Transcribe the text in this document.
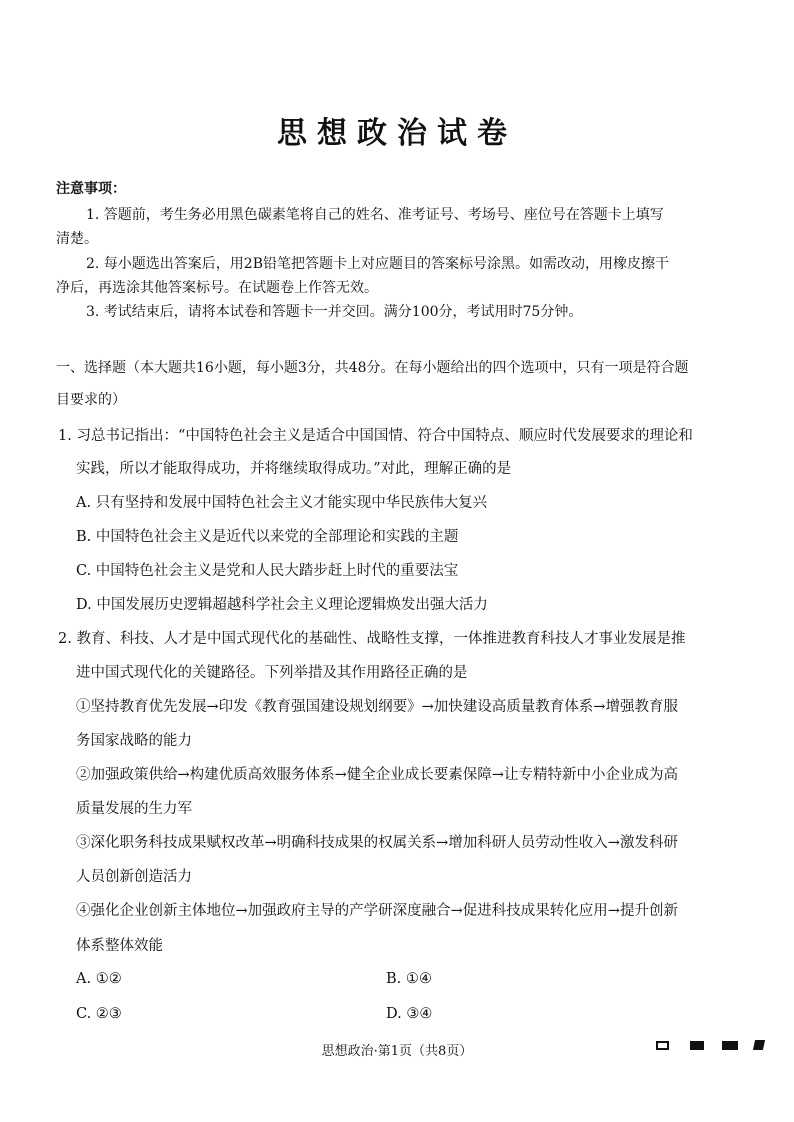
思想政治试卷
注意事项：
1. 答题前，考生务必用黑色碳素笔将自己的姓名、准考证号、考场号、座位号在答题卡上填写
清楚。
2. 每小题选出答案后，用2B铅笔把答题卡上对应题目的答案标号涂黑。如需改动，用橡皮擦干
净后，再选涂其他答案标号。在试题卷上作答无效。
3. 考试结束后，请将本试卷和答题卡一并交回。满分100分，考试用时75分钟。
一、选择题（本大题共16小题，每小题3分，共48分。在每小题给出的四个选项中，只有一项是符合题
目要求的）
1. 习总书记指出：“中国特色社会主义是适合中国国情、符合中国特点、顺应时代发展要求的理论和
实践，所以才能取得成功，并将继续取得成功。”对此，理解正确的是
A. 只有坚持和发展中国特色社会主义才能实现中华民族伟大复兴
B. 中国特色社会主义是近代以来党的全部理论和实践的主题
C. 中国特色社会主义是党和人民大踏步赶上时代的重要法宝
D. 中国发展历史逻辑超越科学社会主义理论逻辑焕发出强大活力
2. 教育、科技、人才是中国式现代化的基础性、战略性支撑，一体推进教育科技人才事业发展是推
进中国式现代化的关键路径。下列举措及其作用路径正确的是
①坚持教育优先发展→印发《教育强国建设规划纲要》→加快建设高质量教育体系→增强教育服
务国家战略的能力
②加强政策供给→构建优质高效服务体系→健全企业成长要素保障→让专精特新中小企业成为高
质量发展的生力军
③深化职务科技成果赋权改革→明确科技成果的权属关系→增加科研人员劳动性收入→激发科研
人员创新创造活力
④强化企业创新主体地位→加强政府主导的产学研深度融合→促进科技成果转化应用→提升创新
体系整体效能
A. ①②	B. ①④
C. ②③	D. ③④
思想政治·第1页（共8页）
